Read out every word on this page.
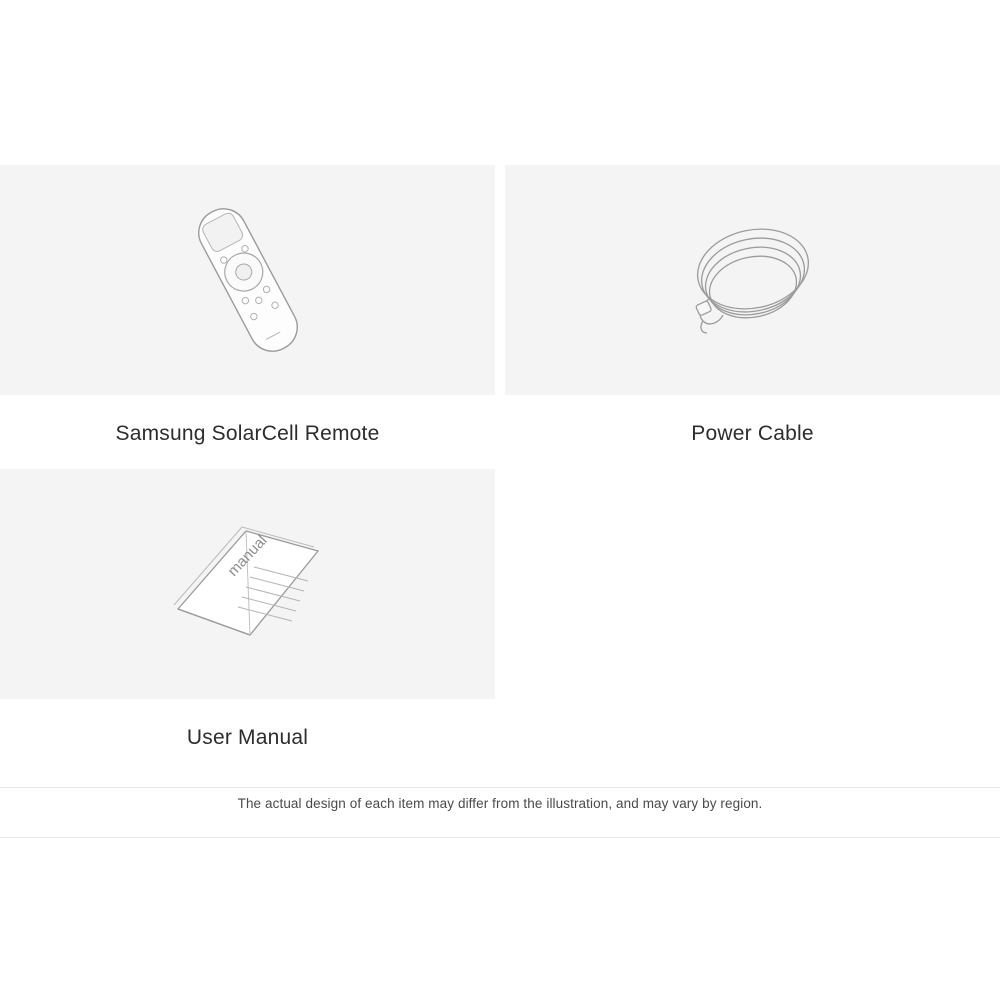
Samsung SolarCell Remote	Power Cable
manual
User Manual
The actual design of each item may differ from the illustration, and may vary by region.
